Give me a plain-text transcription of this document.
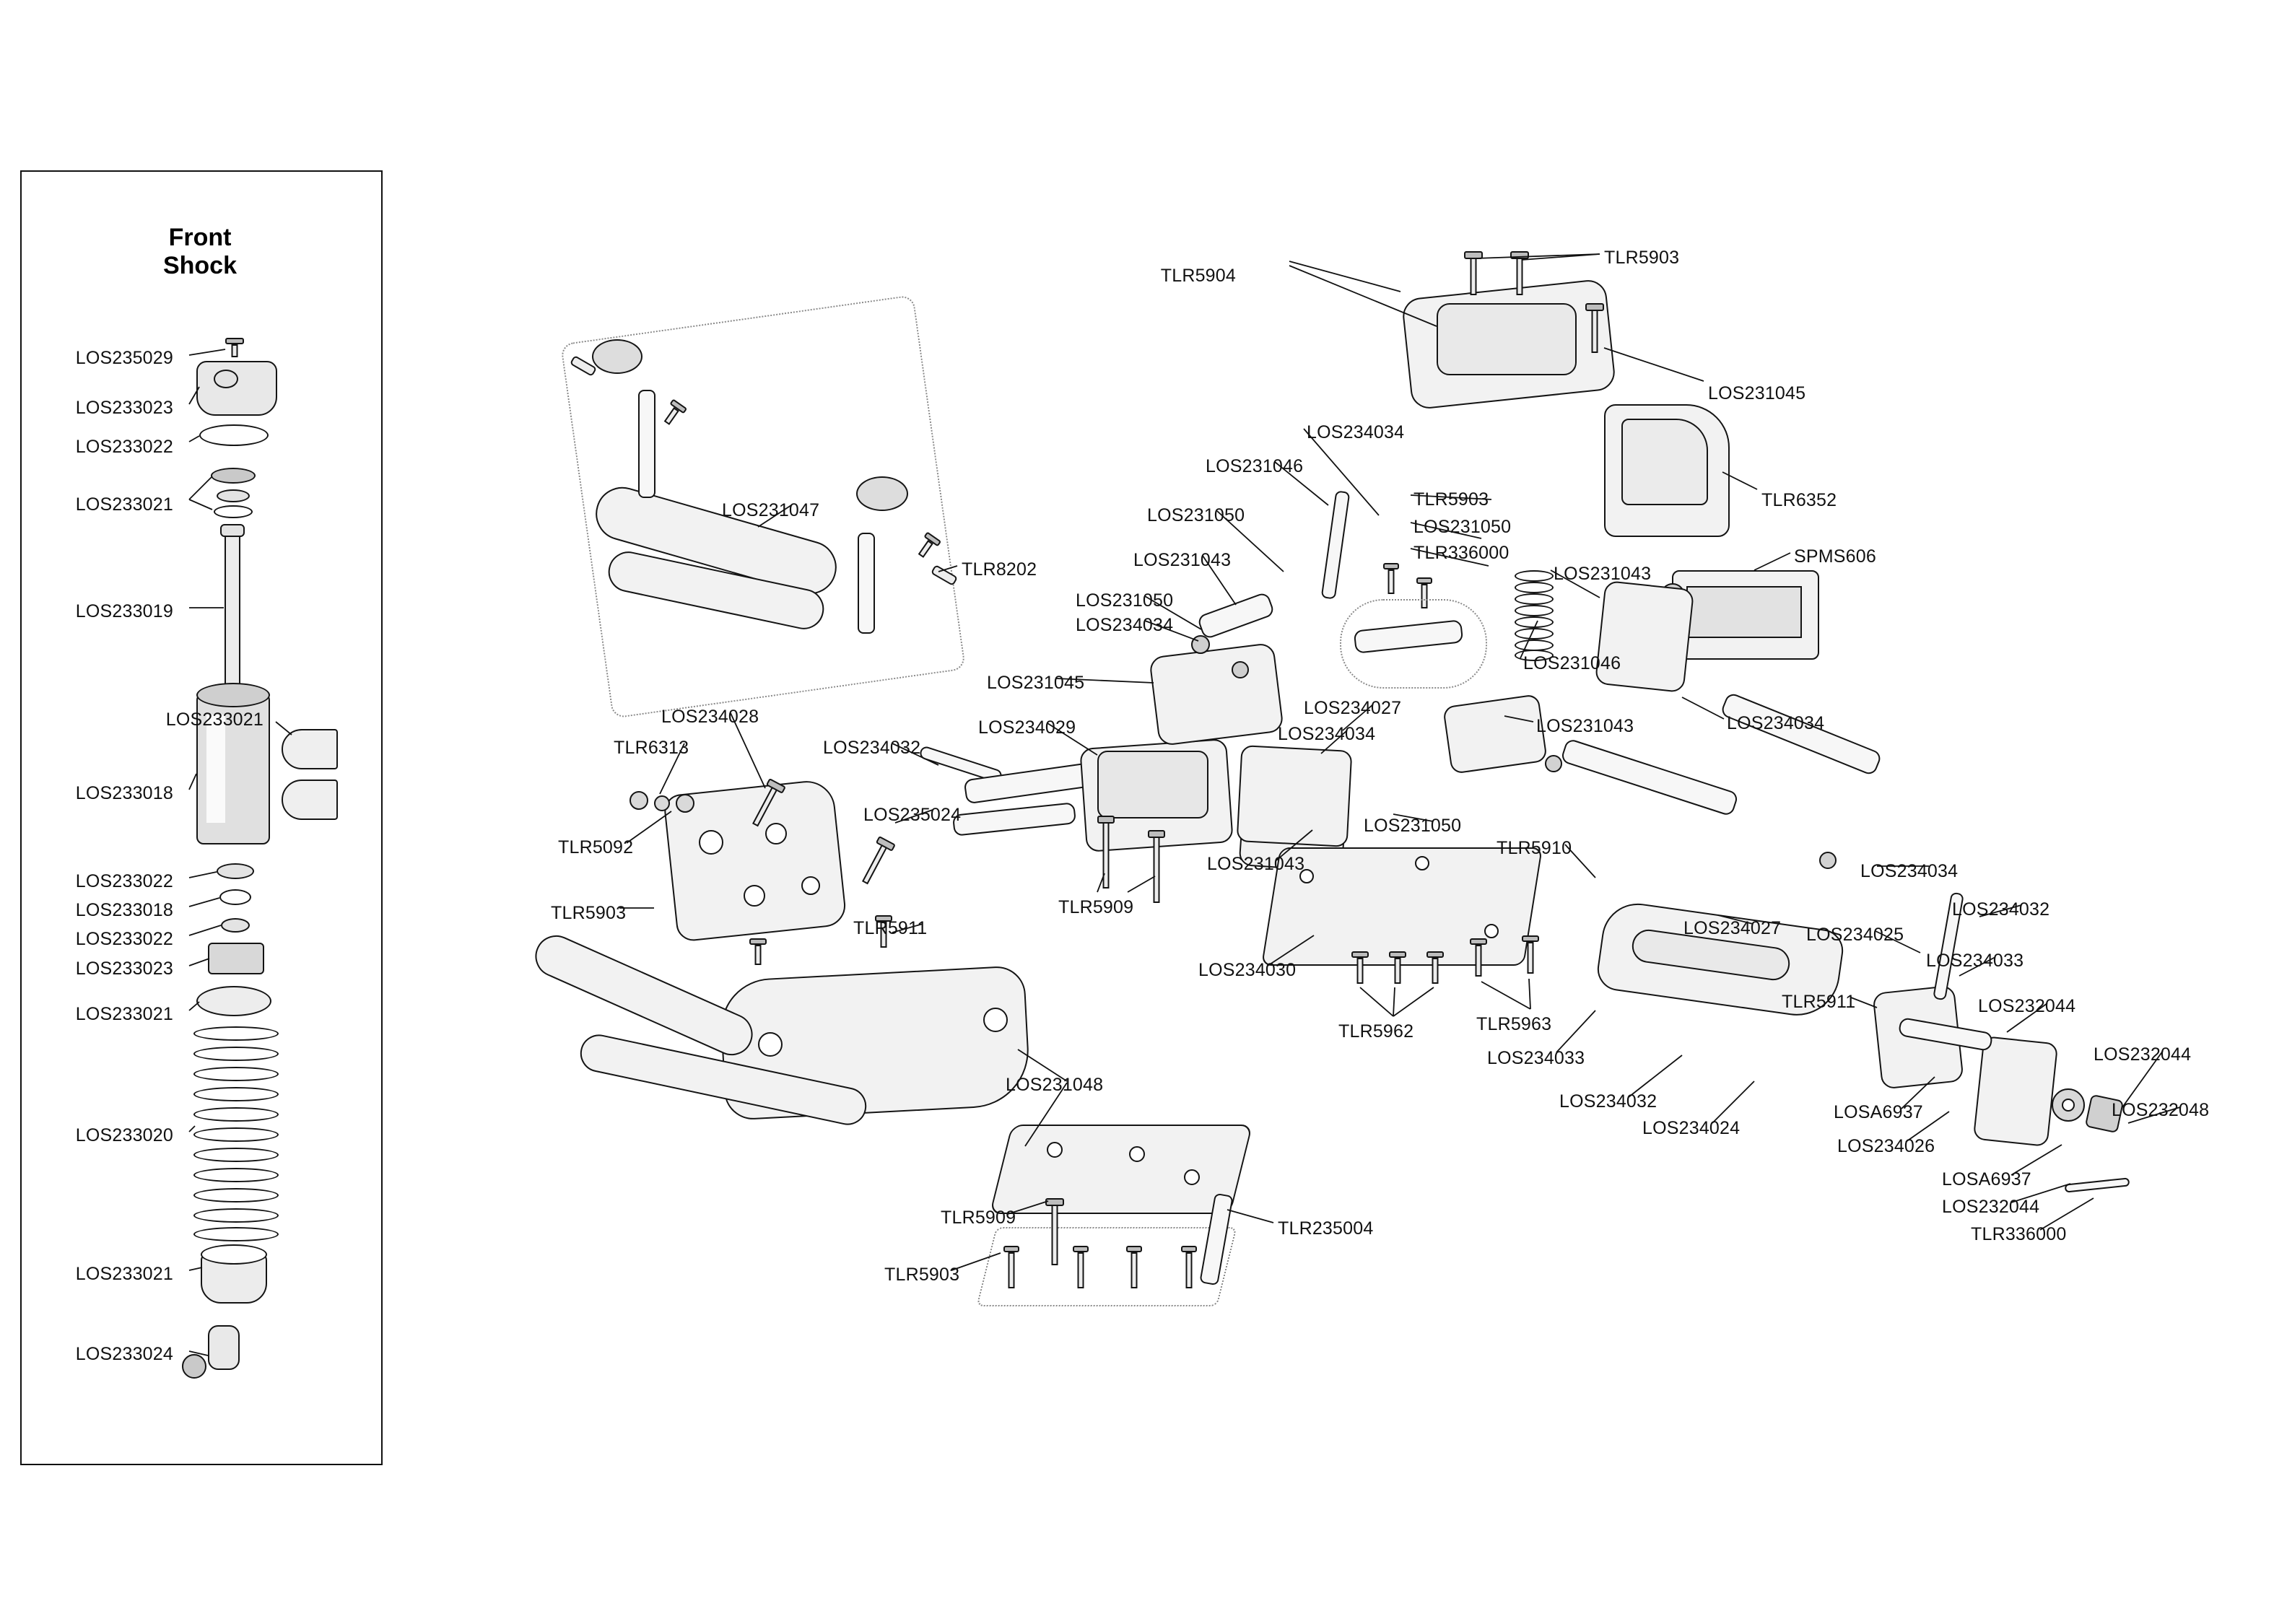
Front
Shock
LOS235029
LOS233023
LOS233022
LOS233021
LOS233019
LOS233021
LOS233018
LOS233022
LOS233018
LOS233022
LOS233023
LOS233021
LOS233020
LOS233021
LOS233024
TLR5904
TLR5903
LOS231045
LOS234034
LOS231046
TLR5903
LOS231050
LOS231050
TLR6352
LOS231043	TLR336000
LOS231043
SPMS606
LOS231050
LOS234034
LOS231046
LOS231045
LOS234028	LOS234027
LOS231043	LOS234034
TLR6313	LOS234032
LOS234029	LOS234034
LOS235024
TLR5092
LOS231050
LOS231043
TLR5910
TLR5903	TLR5909
LOS234034
TLR5911	LOS234027
LOS234032
LOS234025
LOS234033
LOS234030
TLR5911	LOS232044
TLR5962	TLR5963
LOS231048
LOS232044
LOS234033
LOSA6937	LOS232048
LOS234032
LOS234024
LOS234026
LOSA6937
LOS232044
TLR336000
TLR5909
TLR235004
TLR5903
LOS231047
TLR8202
